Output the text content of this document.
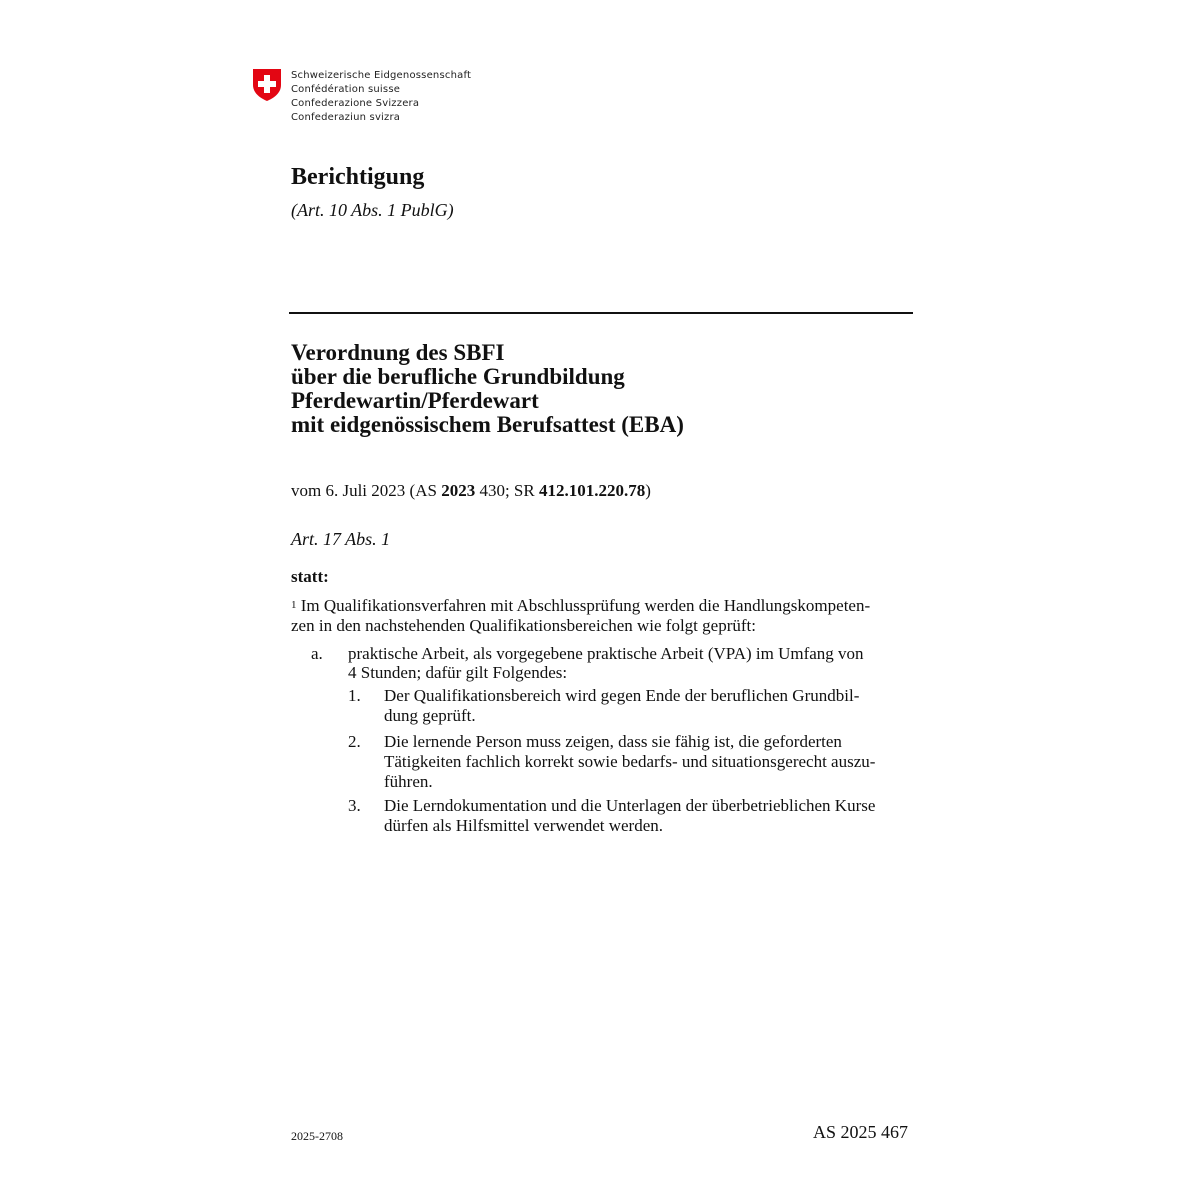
Schweizerische Eidgenossenschaft
Confédération suisse
Confederazione Svizzera
Confederaziun svizra
Berichtigung
(Art. 10 Abs. 1 PublG)
Verordnung des SBFI
über die berufliche Grundbildung
Pferdewartin/Pferdewart
mit eidgenössischem Berufsattest (EBA)
vom 6. Juli 2023 (AS 2023 430; SR 412.101.220.78)
Art. 17 Abs. 1
statt:
$^1$ Im Qualifikationsverfahren mit Abschlussprüfung werden die Handlungskompeten-
zen in den nachstehenden Qualifikationsbereichen wie folgt geprüft:
a. praktische Arbeit, als vorgegebene praktische Arbeit (VPA) im Umfang von
4 Stunden; dafür gilt Folgendes:
1. Der Qualifikationsbereich wird gegen Ende der beruflichen Grundbil-
dung geprüft.
2. Die lernende Person muss zeigen, dass sie fähig ist, die geforderten
Tätigkeiten fachlich korrekt sowie bedarfs- und situationsgerecht auszu-
führen.
3. Die Lerndokumentation und die Unterlagen der überbetrieblichen Kurse
dürfen als Hilfsmittel verwendet werden.
2025-2708	AS 2025 467
